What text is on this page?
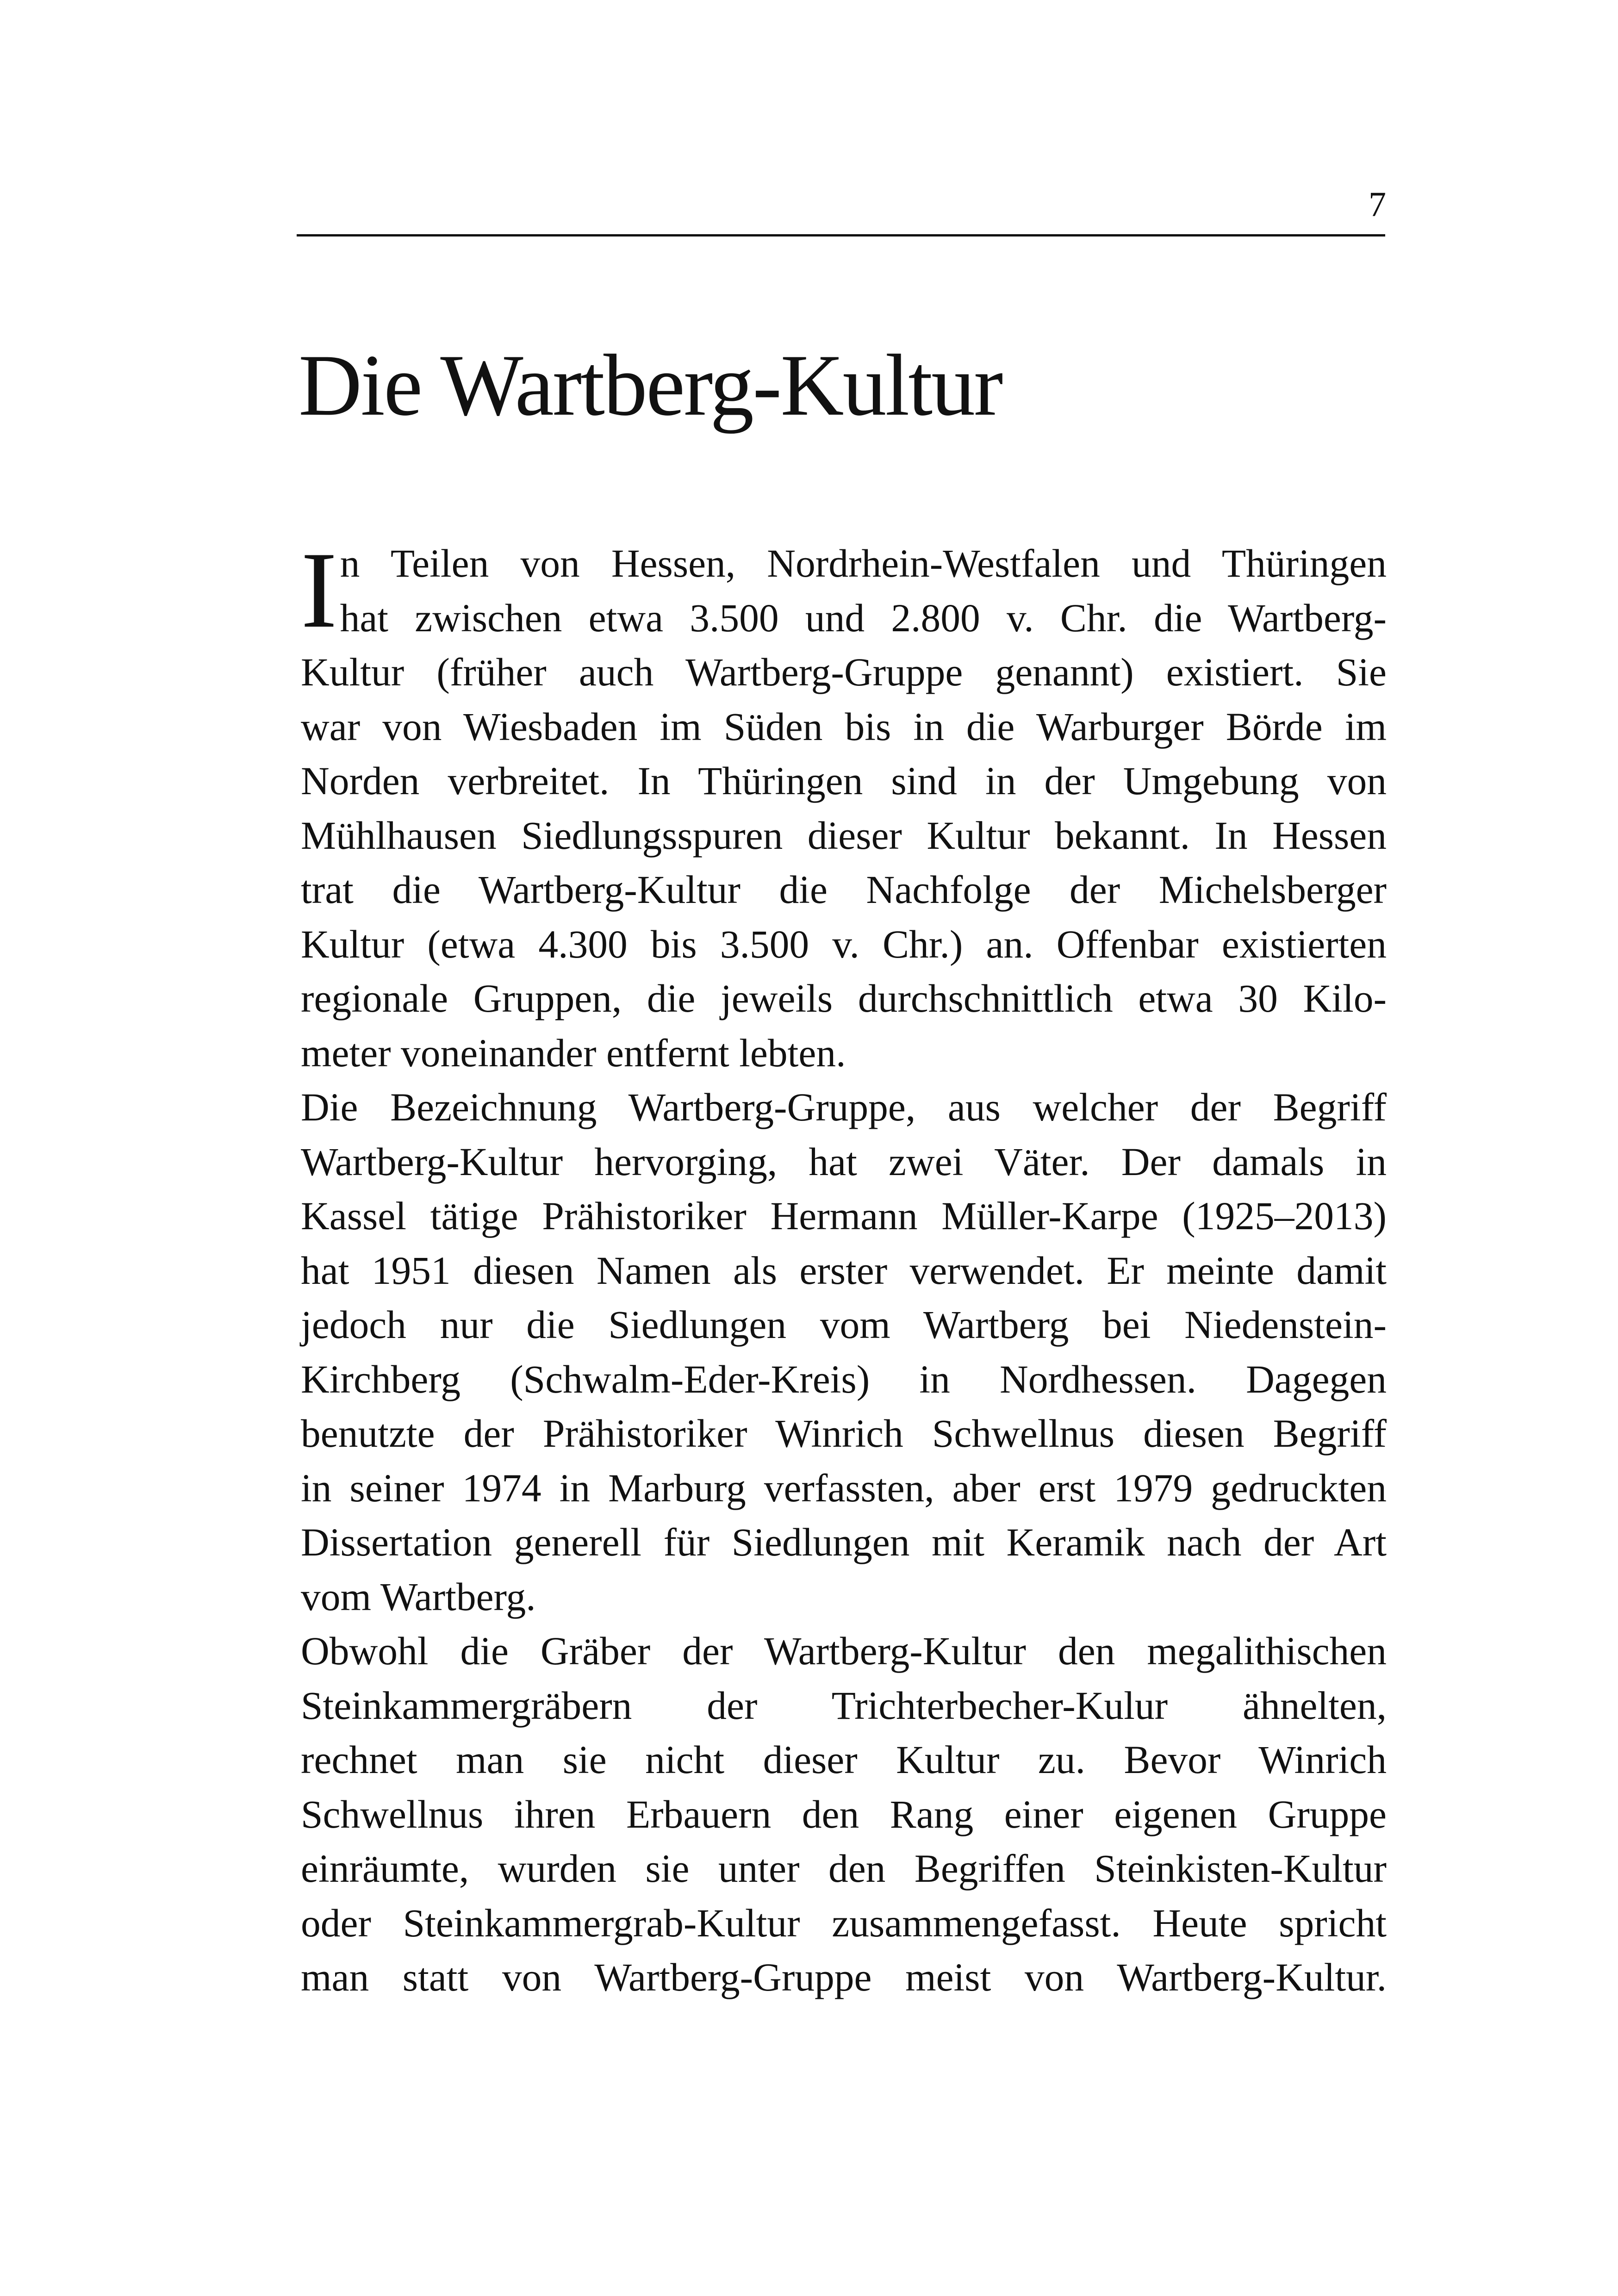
7
Die Wartberg-Kultur

I n Teilen von Hessen, Nordrhein-Westfalen und Thüringen
hat zwischen etwa 3.500 und 2.800 v. Chr. die Wartberg-
Kultur (früher auch Wartberg-Gruppe genannt) existiert. Sie
war von Wiesbaden im Süden bis in die Warburger Börde im
Norden verbreitet. In Thüringen sind in der Umgebung von
Mühlhausen Siedlungsspuren dieser Kultur bekannt. In Hessen
trat die Wartberg-Kultur die Nachfolge der Michelsberger
Kultur (etwa 4.300 bis 3.500 v. Chr.) an. Offenbar existierten
regionale Gruppen, die jeweils durchschnittlich etwa 30 Kilo-
meter voneinander entfernt lebten.

Die Bezeichnung Wartberg-Gruppe, aus welcher der Begriff
Wartberg-Kultur hervorging, hat zwei Väter. Der damals in
Kassel tätige Prähistoriker Hermann Müller-Karpe (1925–2013)
hat 1951 diesen Namen als erster verwendet. Er meinte damit
jedoch nur die Siedlungen vom Wartberg bei Niedenstein-
Kirchberg (Schwalm-Eder-Kreis) in Nordhessen. Dagegen
benutzte der Prähistoriker Winrich Schwellnus diesen Begriff
in seiner 1974 in Marburg verfassten, aber erst 1979 gedruckten
Dissertation generell für Siedlungen mit Keramik nach der Art
vom Wartberg.

Obwohl die Gräber der Wartberg-Kultur den megalithischen
Steinkammergräbern der Trichterbecher-Kulur ähnelten,
rechnet man sie nicht dieser Kultur zu. Bevor Winrich
Schwellnus ihren Erbauern den Rang einer eigenen Gruppe
einräumte, wurden sie unter den Begriffen Steinkisten-Kultur
oder Steinkammergrab-Kultur zusammengefasst. Heute spricht
man statt von Wartberg-Gruppe meist von Wartberg-Kultur.
